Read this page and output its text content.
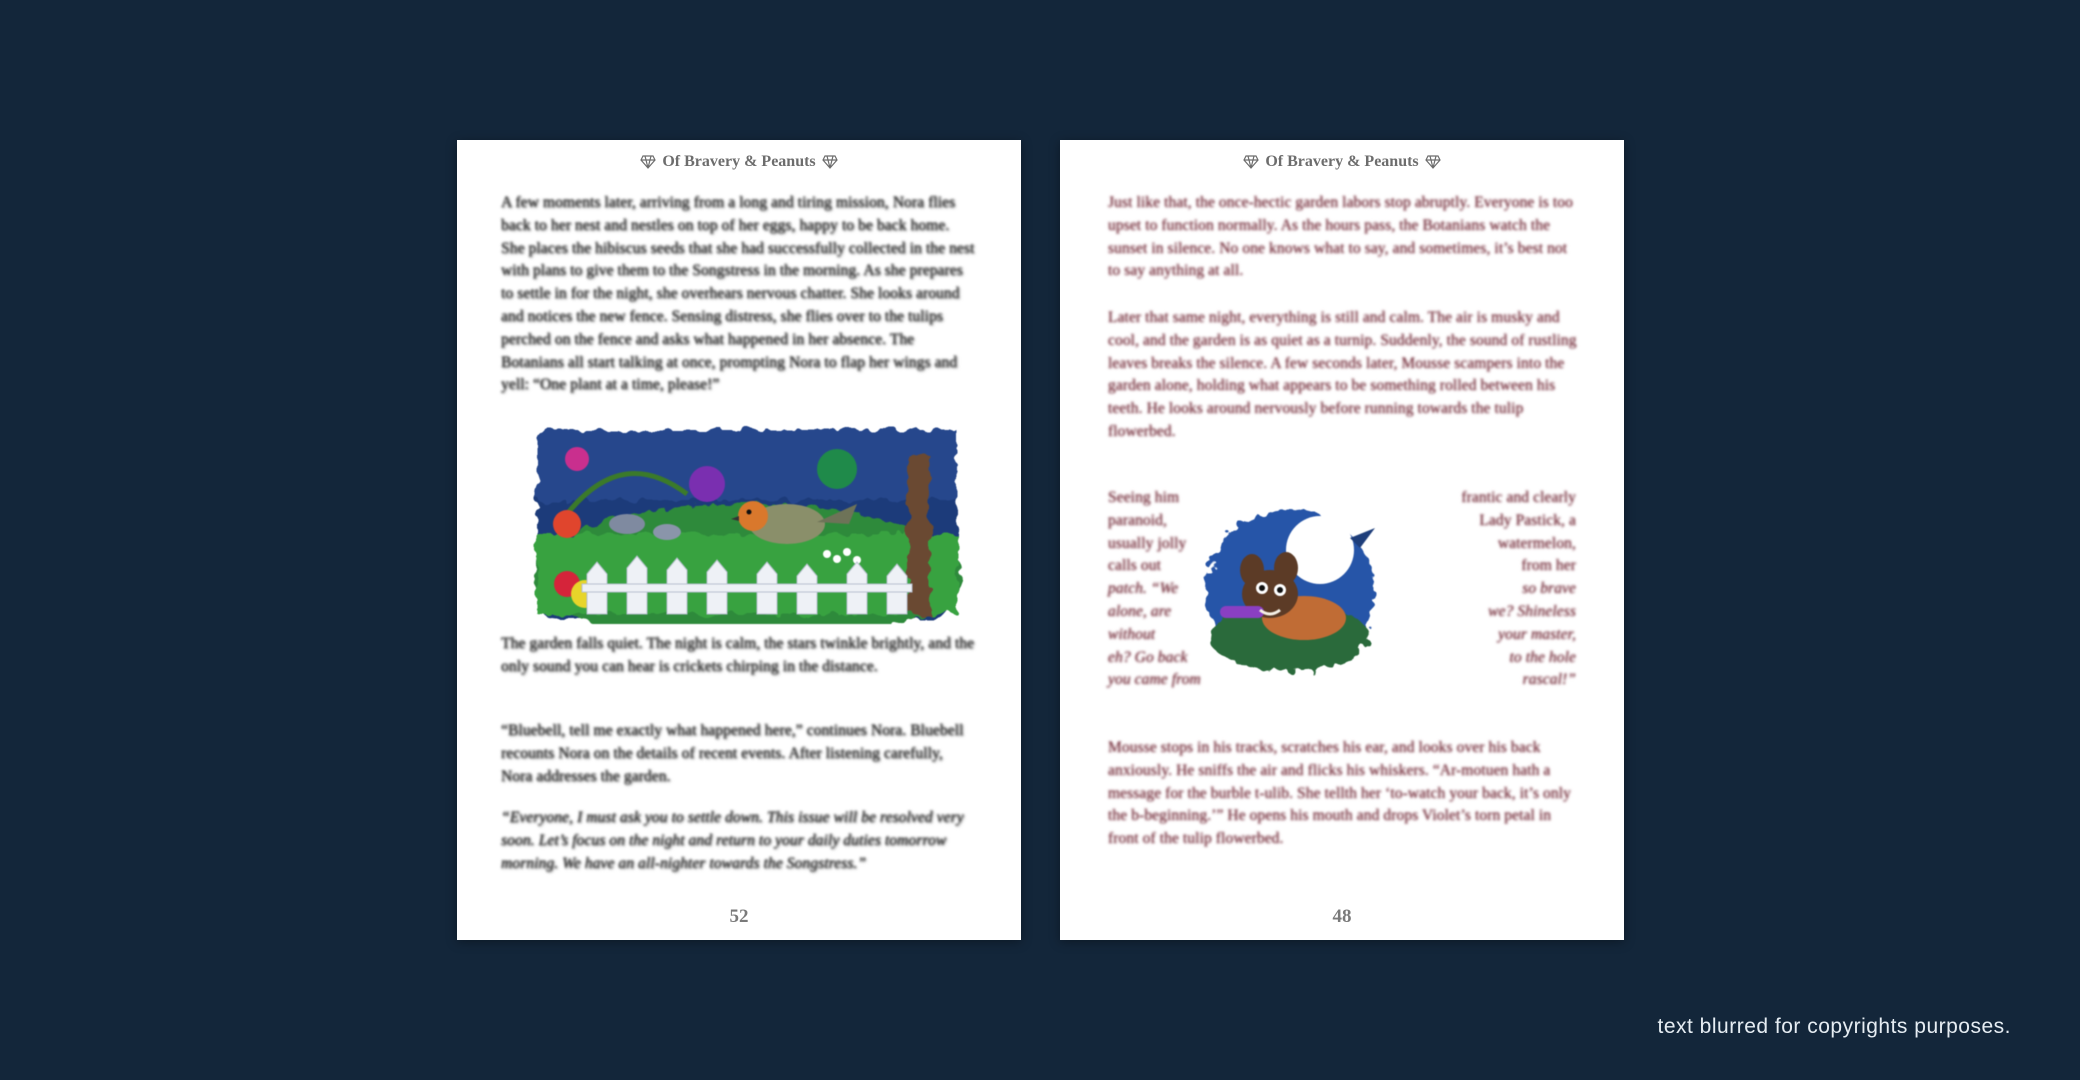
Of Bravery & Peanuts

A few moments later, arriving from a long and tiring mission, Nora flies back to her nest and nestles on top of her eggs, happy to be back home. She places the hibiscus seeds that she had successfully collected in the nest with plans to give them to the Songstress in the morning. As she prepares to settle in for the night, she overhears nervous chatter. She looks around and notices the new fence. Sensing distress, she flies over to the tulips perched on the fence and asks what happened in her absence. The Botanians all start talking at once, prompting Nora to flap her wings and yell: “One plant at a time, please!”

The garden falls quiet. The night is calm, the stars twinkle brightly, and the only sound you can hear is crickets chirping in the distance.

“Bluebell, tell me exactly what happened here,” continues Nora. Bluebell recounts Nora on the details of recent events. After listening carefully, Nora addresses the garden.

“Everyone, I must ask you to settle down. This issue will be resolved very soon. Let’s focus on the night and return to your daily duties tomorrow morning. We have an all-nighter towards the Songstress.”

52
Of Bravery & Peanuts

Just like that, the once-hectic garden labors stop abruptly. Everyone is too upset to function normally. As the hours pass, the Botanians watch the sunset in silence. No one knows what to say, and sometimes, it’s best not to say anything at all.

Later that same night, everything is still and calm. The air is musky and cool, and the garden is as quiet as a turnip. Suddenly, the sound of rustling leaves breaks the silence. A few seconds later, Mousse scampers into the garden alone, holding what appears to be something rolled between his teeth. He looks around nervously before running towards the tulip flowerbed.

Seeing him

paranoid,

usually jolly

calls out

patch. “We

alone, are

without

eh? Go back

you came from

frantic and clearly

Lady Pastick, a

watermelon,

from her

so brave

we? Shineless

your master,

to the hole

rascal!”

Mousse stops in his tracks, scratches his ear, and looks over his back anxiously. He sniffs the air and flicks his whiskers. “Ar-motuen hath a message for the burble t-ulib. She tellth her ‘to-watch your back, it’s only the b-beginning.’” He opens his mouth and drops Violet’s torn petal in front of the tulip flowerbed.

48
text blurred for copyrights purposes.
